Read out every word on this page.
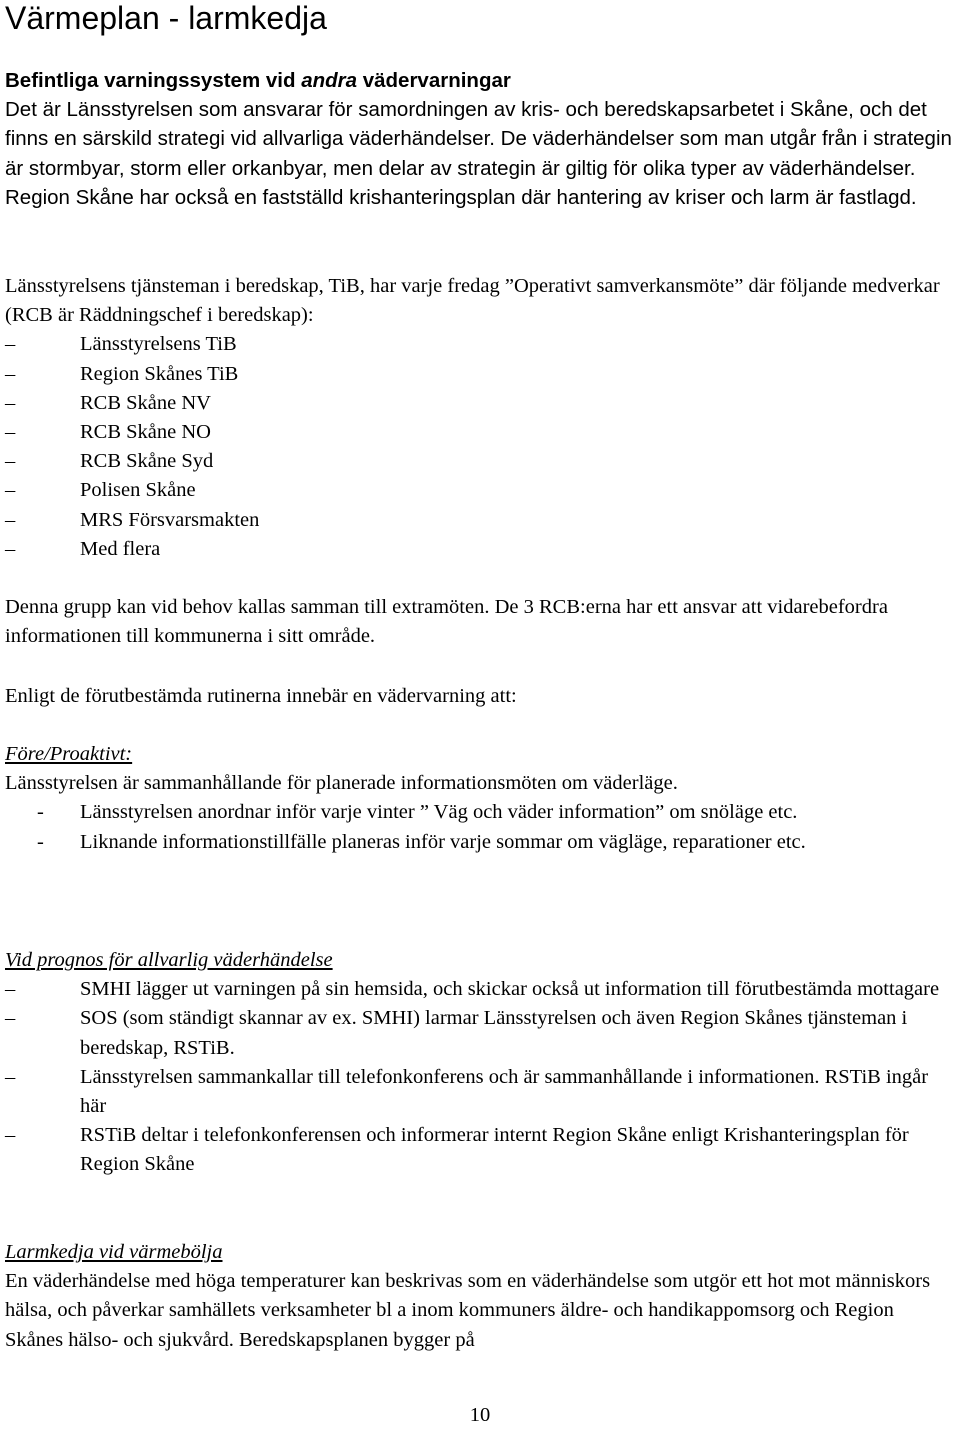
Värmeplan - larmkedja

Befintliga varningssystem vid andra vädervarningar

Det är Länsstyrelsen som ansvarar för samordningen av kris- och beredskapsarbetet i Skåne, och det finns en särskild strategi vid allvarliga väderhändelser. De väderhändelser som man utgår från i strategin är stormbyar, storm eller orkanbyar, men delar av strategin är giltig för olika typer av väderhändelser. Region Skåne har också en fastställd krishanteringsplan där hantering av kriser och larm är fastlagd.

Länsstyrelsens tjänsteman i beredskap, TiB, har varje fredag ”Operativt samverkansmöte” där följande medverkar (RCB är Räddningschef i beredskap):

–	Länsstyrelsens TiB
–	Region Skånes TiB
–	RCB Skåne NV
–	RCB Skåne NO
–	RCB Skåne Syd
–	Polisen Skåne
–	MRS Försvarsmakten
–	Med flera

Denna grupp kan vid behov kallas samman till extramöten. De 3 RCB:erna har ett ansvar att vidarebefordra informationen till kommunerna i sitt område.

Enligt de förutbestämda rutinerna innebär en vädervarning att:

Före/Proaktivt:

Länsstyrelsen är sammanhållande för planerade informationsmöten om väderläge.

- Länsstyrelsen anordnar inför varje vinter ” Väg och väder information” om snöläge etc.
- Liknande informationstillfälle planeras inför varje sommar om vägläge, reparationer etc.

Vid prognos för allvarlig väderhändelse

–	SMHI lägger ut varningen på sin hemsida, och skickar också ut information till förutbestämda mottagare
–	SOS (som ständigt skannar av ex. SMHI) larmar Länsstyrelsen och även Region Skånes tjänsteman i beredskap, RSTiB.
–	Länsstyrelsen sammankallar till telefonkonferens och är sammanhållande i informationen. RSTiB ingår här
–	RSTiB deltar i telefonkonferensen och informerar internt Region Skåne enligt Krishanteringsplan för Region Skåne

Larmkedja vid värmebölja

En väderhändelse med höga temperaturer kan beskrivas som en väderhändelse som utgör ett hot mot människors hälsa, och påverkar samhällets verksamheter bl a inom kommuners äldre- och handikappomsorg och Region Skånes hälso- och sjukvård. Beredskapsplanen bygger på

10
